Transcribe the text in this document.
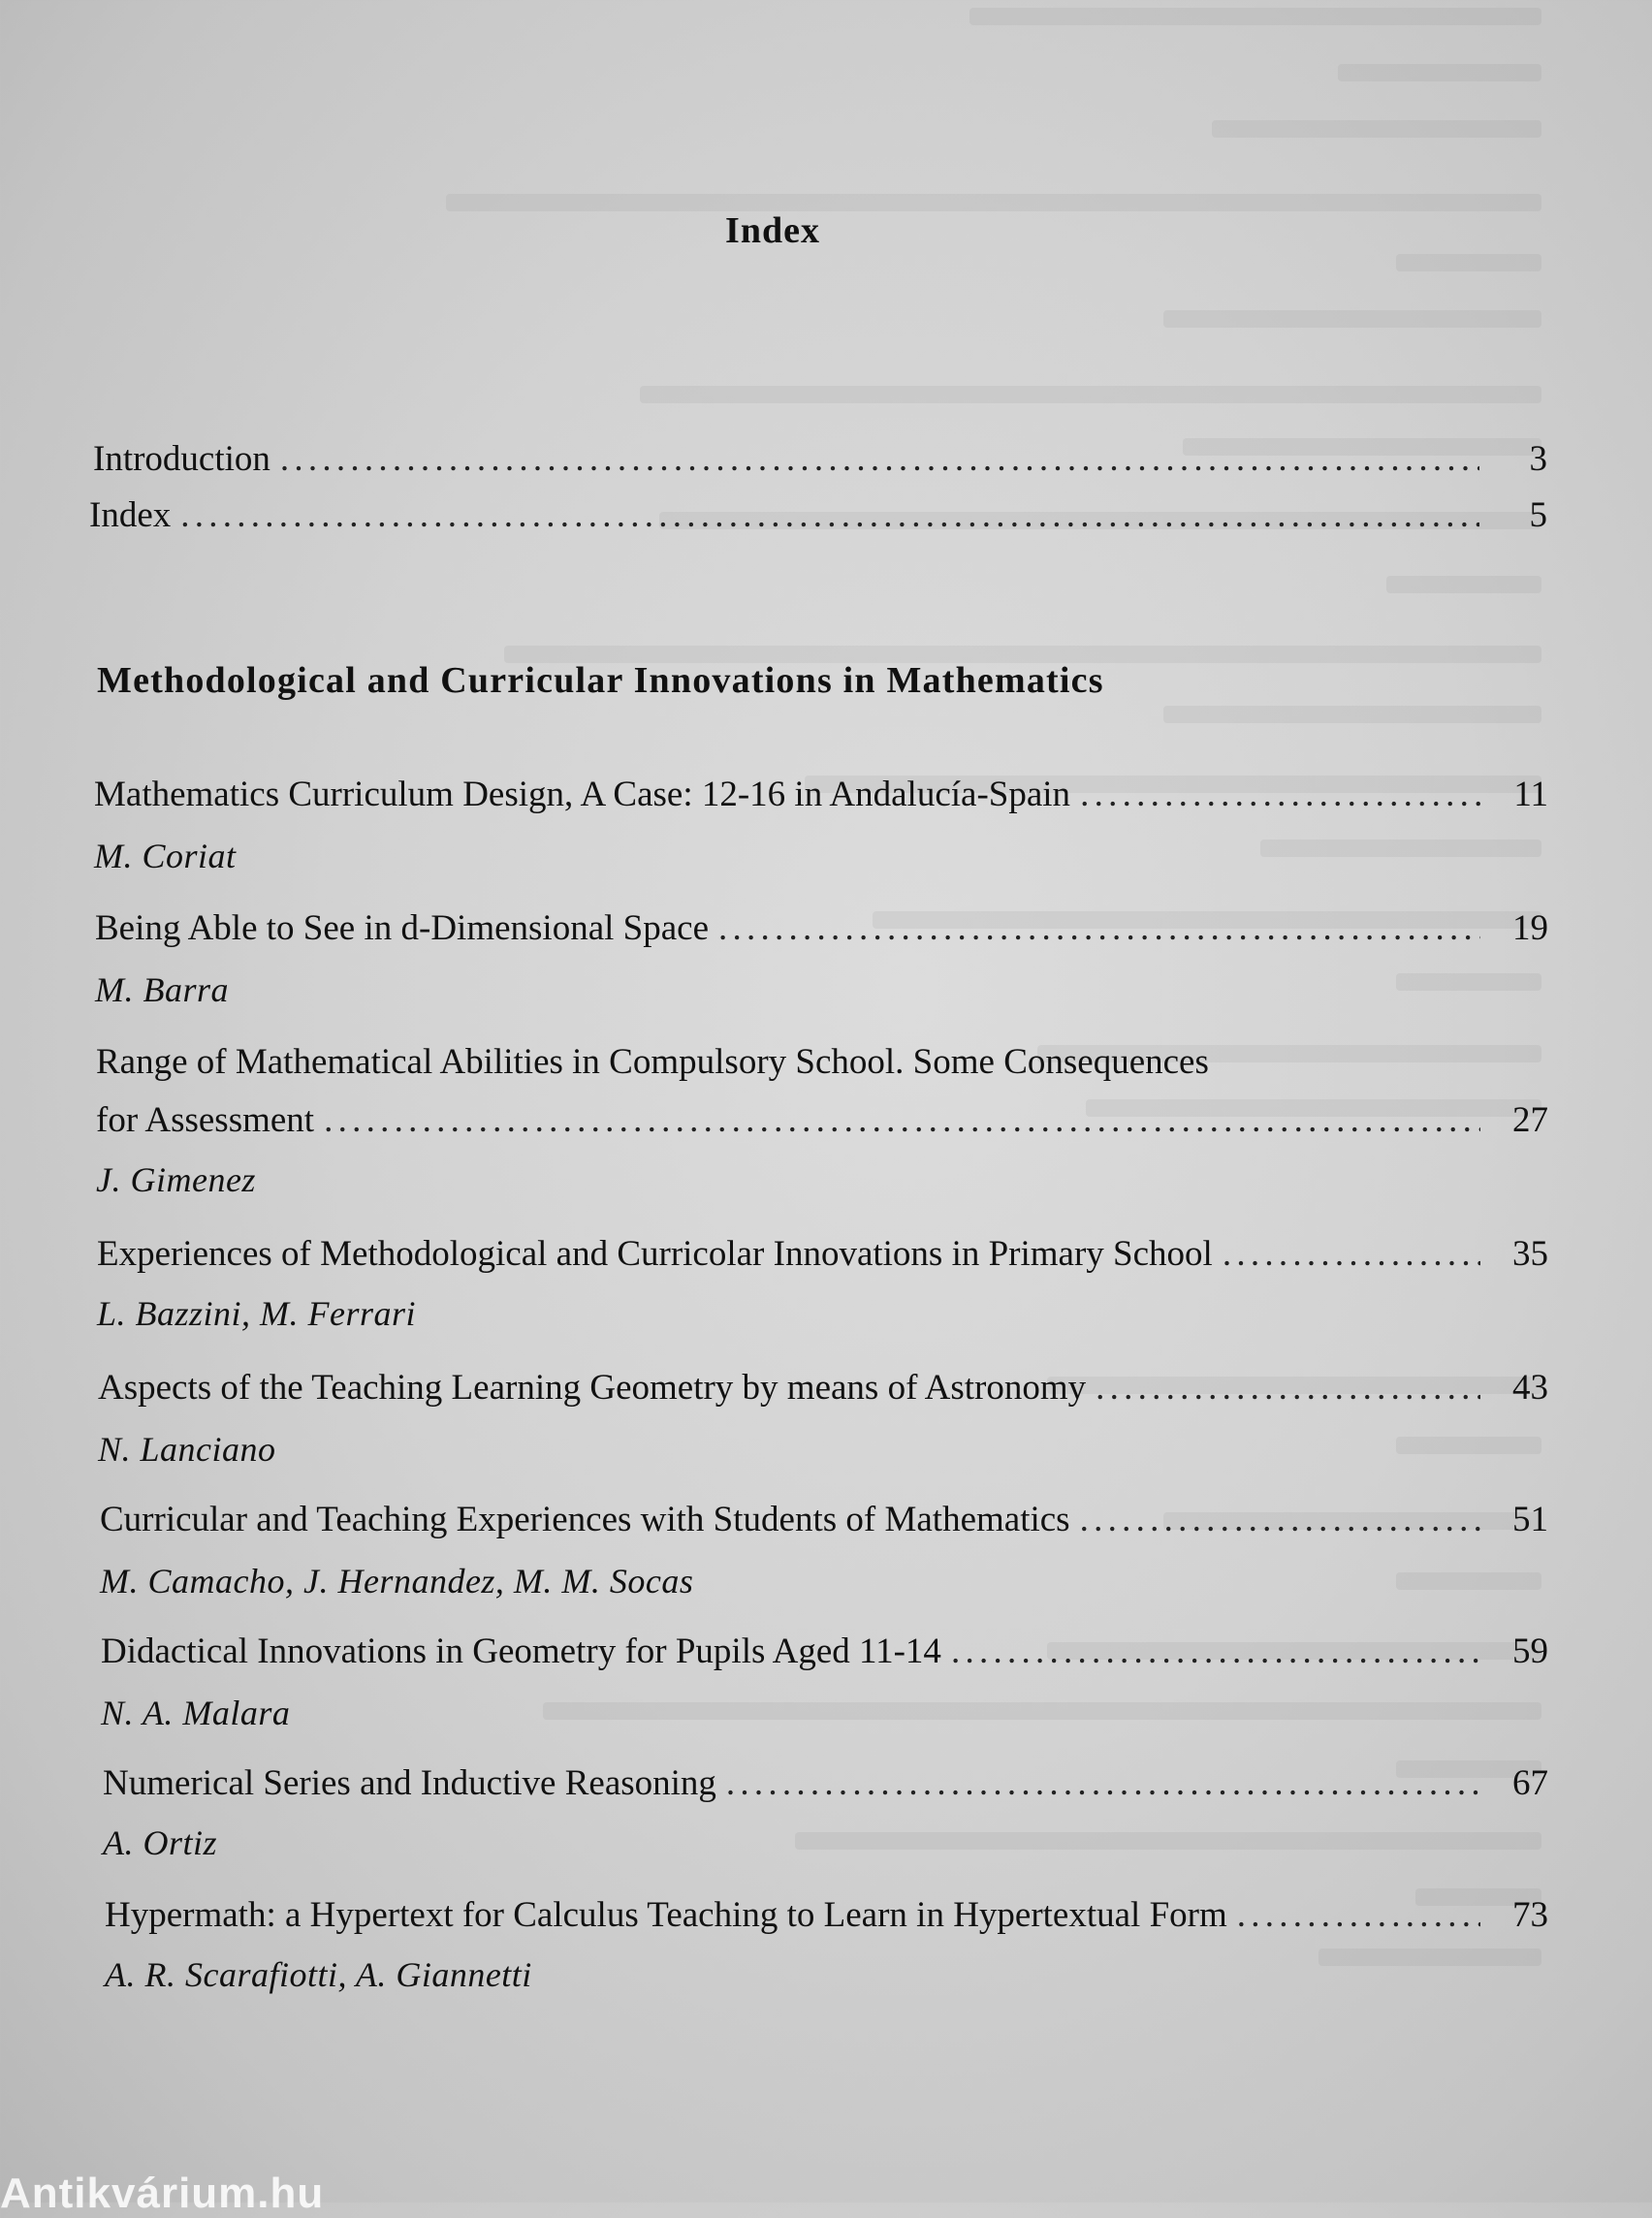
Index
Introduction . . .	3
Index . . .	5
Methodological and Curricular Innovations in Mathematics
Mathematics Curriculum Design, A Case: 12-16 in Andalucía-Spain . . .	11
M. Coriat
Being Able to See in d-Dimensional Space . . .	19
M. Barra
Range of Mathematical Abilities in Compulsory School. Some Consequences
for Assessment . . .	27
J. Gimenez
Experiences of Methodological and Curricolar Innovations in Primary School . . .	35
L. Bazzini, M. Ferrari
Aspects of the Teaching Learning Geometry by means of Astronomy . . .	43
N. Lanciano
Curricular and Teaching Experiences with Students of Mathematics . . .	51
M. Camacho, J. Hernandez, M. M. Socas
Didactical Innovations in Geometry for Pupils Aged 11-14 . . .	59
N. A. Malara
Numerical Series and Inductive Reasoning . . .	67
A. Ortiz
Hypermath: a Hypertext for Calculus Teaching to Learn in Hypertextual Form . . .	73
A. R. Scarafiotti, A. Giannetti
Antikvárium.hu
